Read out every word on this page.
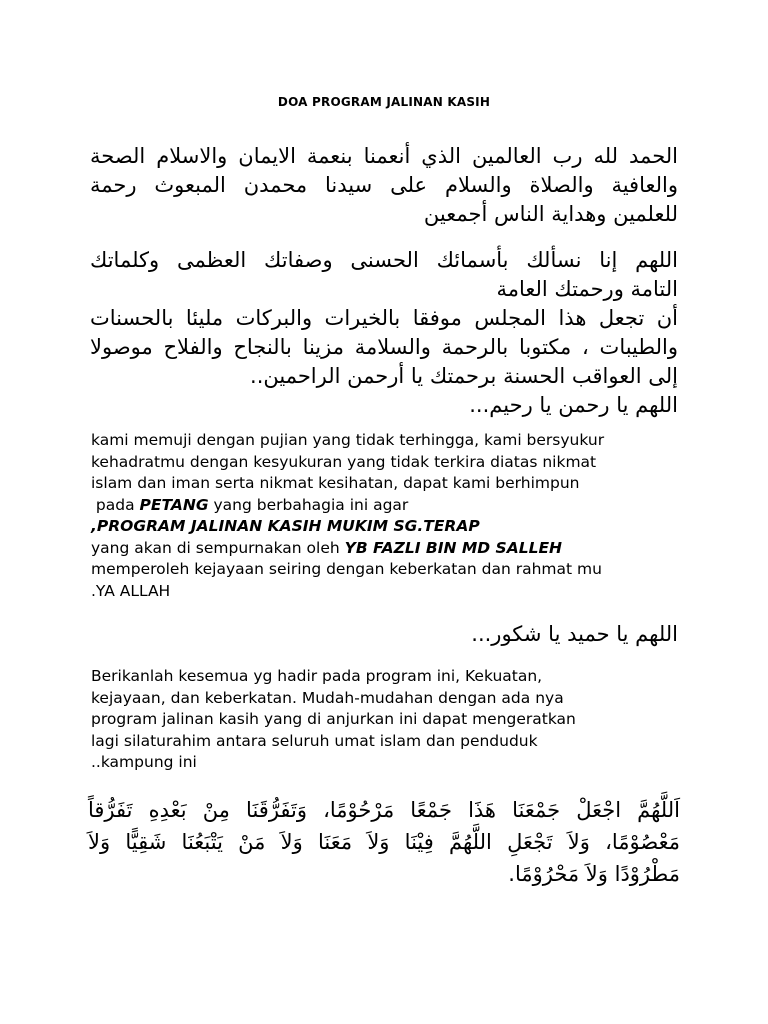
DOA PROGRAM JALINAN KASIH
الحمد لله رب العالمين الذي أنعمنا بنعمة الايمان والاسلام الصحة
والعافية والصلاة والسلام على سيدنا محمدن المبعوث رحمة
للعلمين وهداية الناس أجمعين
اللهم إنا نسألك بأسمائك الحسنى وصفاتك العظمى وكلماتك
التامة ورحمتك العامة
أن تجعل هذا المجلس موفقا بالخيرات والبركات مليئا بالحسنات
والطيبات ، مكتوبا بالرحمة والسلامة مزينا بالنجاح والفلاح موصولا
إلى العواقب الحسنة برحمتك يا أرحمن الراحمين..
اللهم يا رحمن يا رحيم...
kami memuji dengan pujian yang tidak terhingga, kami bersyukur
kehadratmu dengan kesyukuran yang tidak terkira diatas nikmat
islam dan iman serta nikmat kesihatan, dapat kami berhimpun
pada PETANG yang berbahagia ini agar
,PROGRAM JALINAN KASIH MUKIM SG.TERAP
yang akan di sempurnakan oleh YB FAZLI BIN MD SALLEH
memperoleh kejayaan seiring dengan keberkatan dan rahmat mu
.YA ALLAH
اللهم يا حميد يا شكور...
Berikanlah kesemua yg hadir pada program ini, Kekuatan,
kejayaan, dan keberkatan. Mudah-mudahan dengan ada nya
program jalinan kasih yang di anjurkan ini dapat mengeratkan
lagi silaturahim antara seluruh umat islam dan penduduk
..kampung ini
اَللَّهُمَّ اجْعَلْ جَمْعَنَا هَذَا جَمْعًا مَرْحُوْمًا، وَتَفَرُّقَنَا مِنْ بَعْدِهِ تَفَرُّقاً
مَعْصُوْمًا، وَلاَ تَجْعَلِ اللَّهُمَّ فِيْنَا وَلاَ مَعَنَا وَلاَ مَنْ يَتْبَعُنَا شَقِيًّا وَلاَ
مَطْرُوْدًا وَلاَ مَحْرُوْمًا.
